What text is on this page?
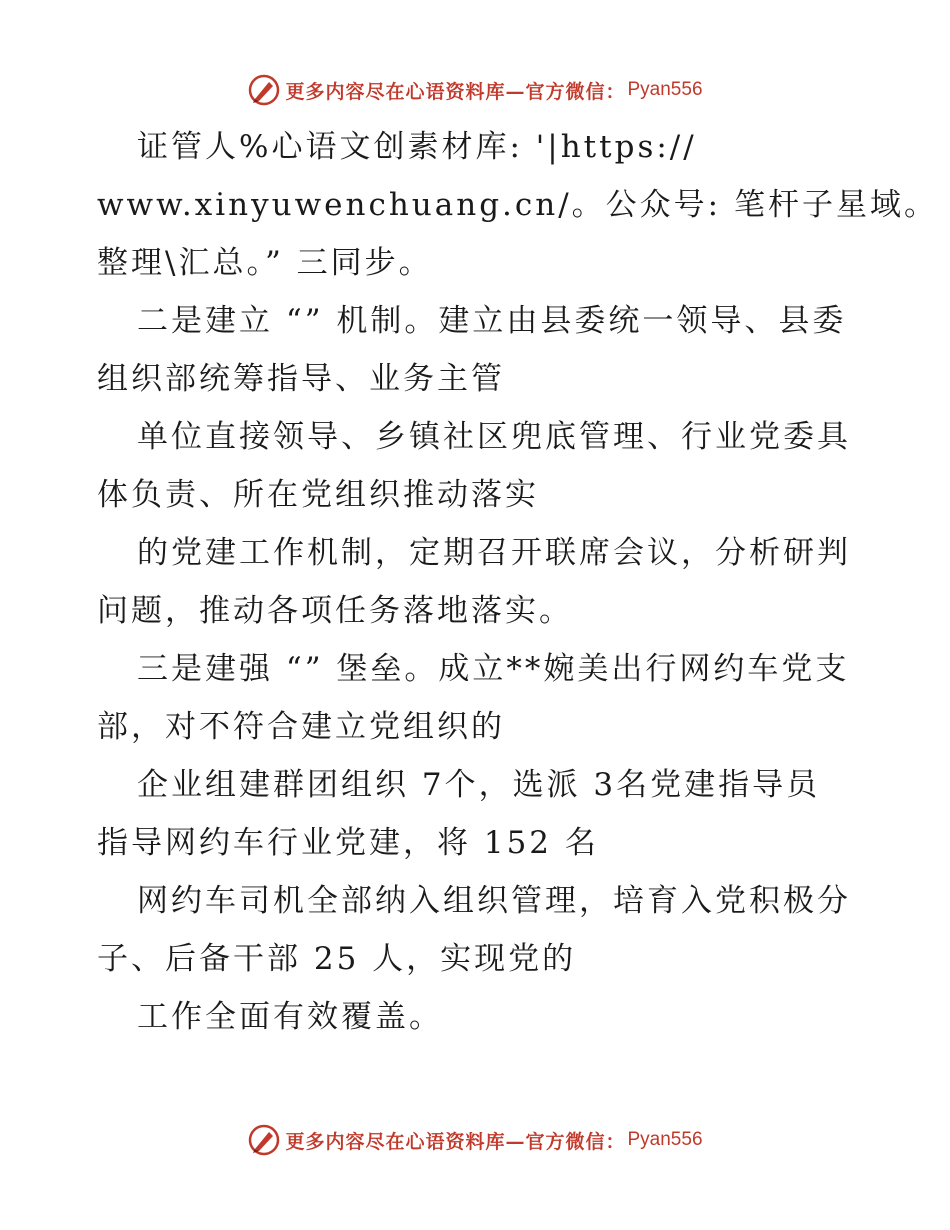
更多内容尽在心语资料库—官方微信： Pyan556
证管人%心语文创素材库: '|https://
www.xinyuwenchuang.cn/。公众号: 笔杆子星域。
整理\汇总。” 三同步。
二是建立 “” 机制。建立由县委统一领导、县委
组织部统筹指导、业务主管
单位直接领导、乡镇社区兜底管理、行业党委具
体负责、所在党组织推动落实
的党建工作机制，定期召开联席会议，分析研判
问题，推动各项任务落地落实。
三是建强 “” 堡垒。成立**婉美出行网约车党支
部，对不符合建立党组织的
企业组建群团组织 7个，选派 3名党建指导员
指导网约车行业党建，将 152 名
网约车司机全部纳入组织管理，培育入党积极分
子、后备干部 25 人，实现党的
工作全面有效覆盖。
更多内容尽在心语资料库—官方微信： Pyan556
